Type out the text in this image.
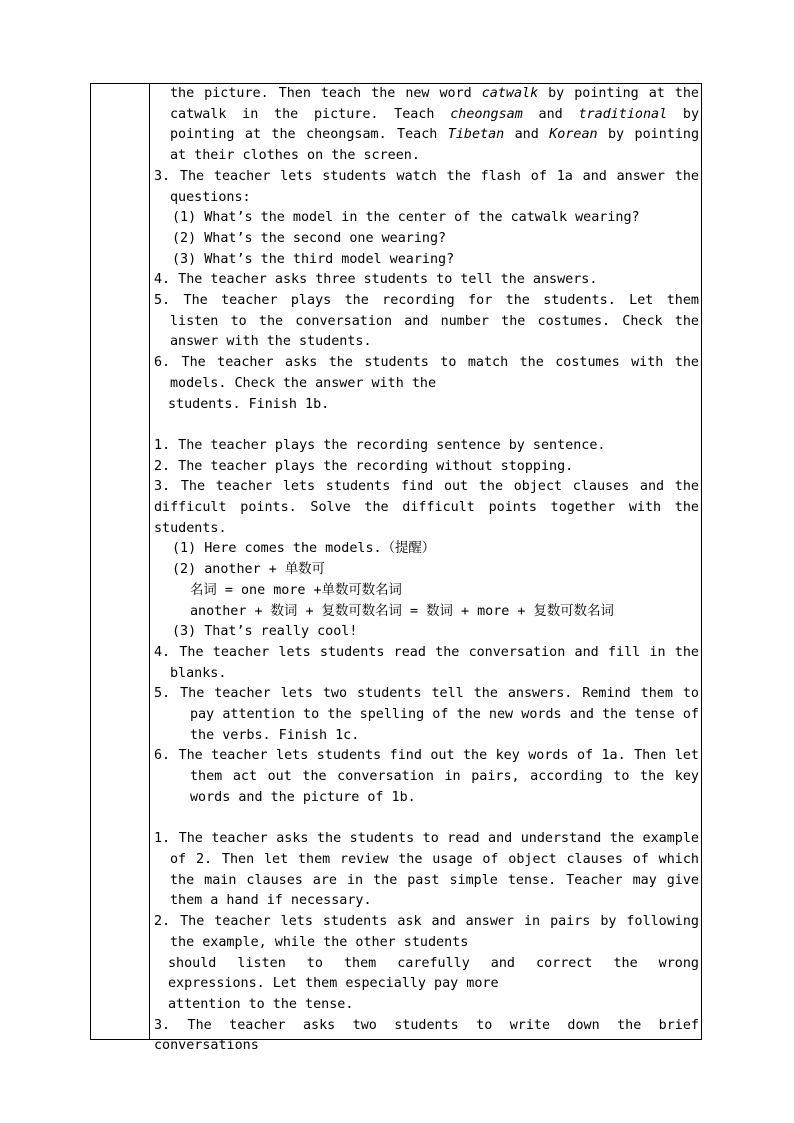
the picture. Then teach the new word catwalk by pointing at the catwalk in the picture. Teach cheongsam and traditional by pointing at the cheongsam. Teach Tibetan and Korean by pointing at their clothes on the screen.

3. The teacher lets students watch the flash of 1a and answer the questions:

(1) What’s the model in the center of the catwalk wearing?

(2) What’s the second one wearing?

(3) What’s the third model wearing?

4. The teacher asks three students to tell the answers.

5. The teacher plays the recording for the students. Let them listen to the conversation and number the costumes. Check the answer with the students.

6. The teacher asks the students to match the costumes with the models. Check the answer with the

students. Finish 1b.

1. The teacher plays the recording sentence by sentence.

2. The teacher plays the recording without stopping.

3. The teacher lets students find out the object clauses and the difficult points. Solve the difficult points together with the students.

(1) Here comes the models.（提醒）

(2) another + 单数可

名词 = one more +单数可数名词

another + 数词 + 复数可数名词 = 数词 + more + 复数可数名词

(3) That’s really cool!

4. The teacher lets students read the conversation and fill in the blanks.

5. The teacher lets two students tell the answers. Remind them to pay attention to the spelling of the new words and the tense of the verbs. Finish 1c.

6. The teacher lets students find out the key words of 1a. Then let them act out the conversation in pairs, according to the key words and the picture of 1b.

1. The teacher asks the students to read and understand the example of 2. Then let them review the usage of object clauses of which the main clauses are in the past simple tense. Teacher may give them a hand if necessary.

2. The teacher lets students ask and answer in pairs by following the example, while the other students

should listen to them carefully and correct the wrong expressions. Let them especially pay more

attention to the tense.

3. The teacher asks two students to write down the brief conversations
